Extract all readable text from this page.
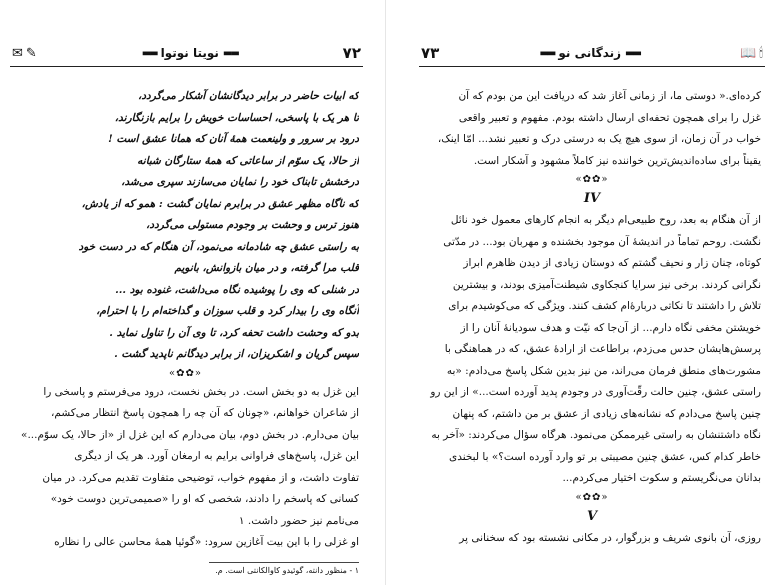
✉ ✎	▬▬
نویتا نوتوا
▬▬	٧٢
که ابیات حاضر در برابر دیدگانشان آشکار می‌گردد،
تا هر یک با پاسخی، احساسات خویش را برایم بازنگارند،
درود بر سرور و ولینعمت همهٔ آنان که همانا عشق است !
از حالا، یک سوّم از ساعاتی که همهٔ ستارگان شبانه
درخشش تابناک خود را نمایان می‌سازند سپری می‌شد،
که ناگاه مظهر عشق در برابرم نمایان گشت : همو که از یادش،
هنوز ترس و وحشت بر وجودم مستولی می‌گردد،
به راستی عشق چه شادمانه می‌نمود، آن هنگام که در دست خود
قلب مرا گرفته، و در میان بازوانش، بانویم
در شنلی که وی را پوشیده نگاه می‌داشت، غنوده بود ...
آنگاه وی را بیدار کرد و قلب سوزان و گداخته‌ام را با احترام،
بدو که وحشت داشت تحفه کرد، تا وی آن را تناول نماید .
سپس گریان و اشکریزان، از برابر دیدگانم ناپدید گشت .
«✿✿»
این غزل به دو بخش است. در بخش نخست، درود می‌فرستم و پاسخی را
از شاعران خواهانم، «چونان که آن چه را همچون پاسخ انتظار می‌کشم،
بیان می‌دارم. در بخش دوم، بیان می‌دارم که این غزل از «از حالا، یک سوّم...»
این غزل، پاسخ‌های فراوانی برایم به ارمغان آورد. هر یک از دیگری
تفاوت داشت، و از مفهوم خواب، توضیحی متفاوت تقدیم می‌کرد. در میان
کسانی که پاسخم را دادند، شخصی که او را «صمیمی‌ترین دوست خود»
می‌نامم نیز حضور داشت. ١
او غزلی را با این بیت آغازین سرود: «گوئیا همهٔ محاسن عالی را نظاره
١ - منظور دانته، گوئیدو کاوالکانتی است. م.
٧٣	▬▬
زندگانی نو
▬▬	📖 🕯
کرده‌ای.« دوستی ما، از زمانی آغاز شد که دریافت این من بودم که آن
غزل را برای همچون تحفه‌ای ارسال داشته بودم. مفهوم و تعبیر واقعی
خواب در آن زمان، از سوی هیچ یک به درستی درک و تعبیر نشد... امّا اینک،
یقیناً برای ساده‌اندیش‌ترین خواننده نیز کاملاً مشهود و آشکار است.
«✿✿»
IV
از آن هنگام به بعد، روح طبیعی‌ام دیگر به انجام کارهای معمول خود نائل
نگشت. روحم تماماً در اندیشهٔ آن موجود بخشنده و مهربان بود... در مدّتی
کوتاه، چنان زار و نحیف گشتم که دوستان زیادی از دیدن ظاهرم ابراز
نگرانی کردند. برخی نیز سرایا کنجکاوی شیطنت‌آمیزی بودند، و بیشترین
تلاش را داشتند تا نکاتی دربارهٔ‌ام کشف کنند. ویژگی که می‌کوشیدم برای
خویشتن مخفی نگاه دارم... از آن‌جا که نیّت و هدف سودیانهٔ آنان را از
پرسش‌هایشان حدس می‌زدم، براطاعت از ارادهٔ عشق، که در هماهنگی با
مشورت‌های منطق فرمان می‌راند، من نیز بدین شکل پاسخ می‌دادم: «به
راستی عشق، چنین حالت رقّت‌آوری در وجودم پدید آورده است...» از این رو
چنین پاسخ می‌دادم که نشانه‌های زیادی از عشق بر من داشتم، که پنهان
نگاه داشتنشان به راستی غیرممکن می‌نمود. هرگاه سؤال می‌کردند: «آخر به
خاطر کدام کس، عشق چنین مصیبتی بر تو وارد آورده است؟» با لبخندی
بدانان می‌نگریستم و سکوت اختیار می‌کردم...
«✿✿»
V
روزی، آن بانوی شریف و بزرگوار، در مکانی نشسته بود که سخنانی پر
